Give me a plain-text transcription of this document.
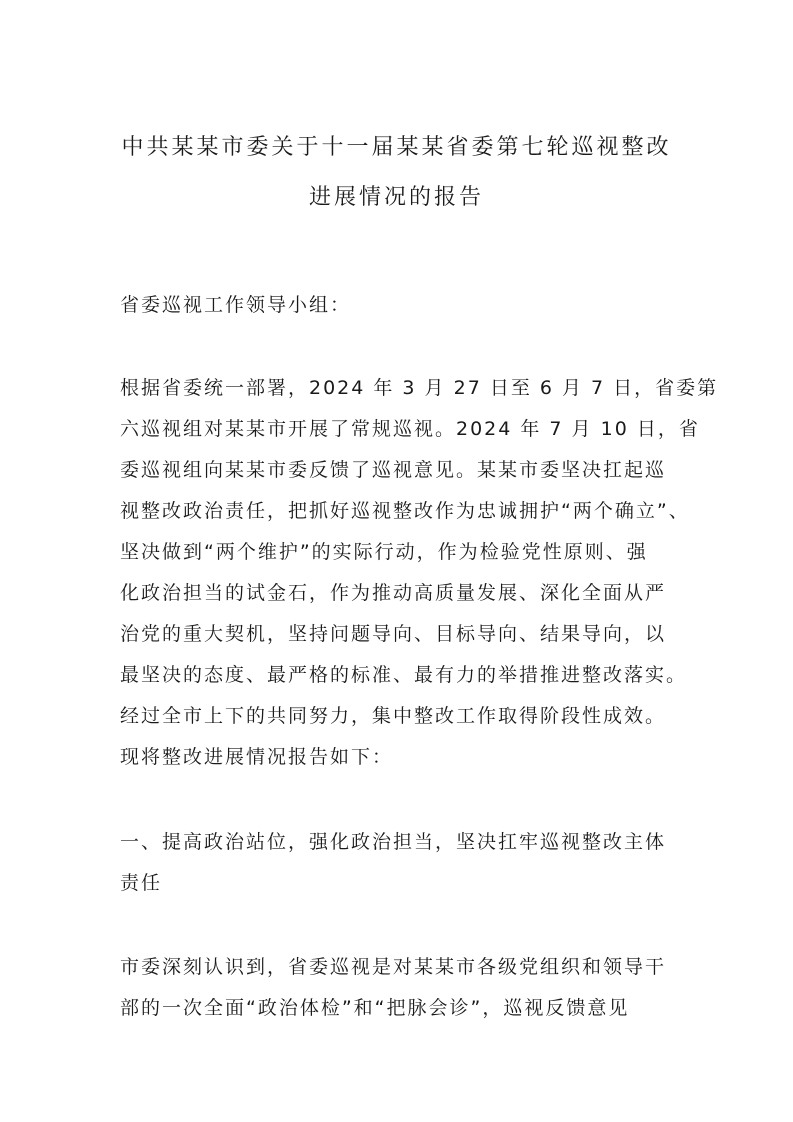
中共某某市委关于十一届某某省委第七轮巡视整改
进展情况的报告
省委巡视工作领导小组：
根据省委统一部署，2024 年 3 月 27 日至 6 月 7 日，省委第
六巡视组对某某市开展了常规巡视。2024 年 7 月 10 日，省
委巡视组向某某市委反馈了巡视意见。某某市委坚决扛起巡
视整改政治责任，把抓好巡视整改作为忠诚拥护“两个确立”、
坚决做到“两个维护”的实际行动，作为检验党性原则、强
化政治担当的试金石，作为推动高质量发展、深化全面从严
治党的重大契机，坚持问题导向、目标导向、结果导向，以
最坚决的态度、最严格的标准、最有力的举措推进整改落实。
经过全市上下的共同努力，集中整改工作取得阶段性成效。
现将整改进展情况报告如下：
一、提高政治站位，强化政治担当，坚决扛牢巡视整改主体
责任
市委深刻认识到，省委巡视是对某某市各级党组织和领导干
部的一次全面“政治体检”和“把脉会诊”，巡视反馈意见
